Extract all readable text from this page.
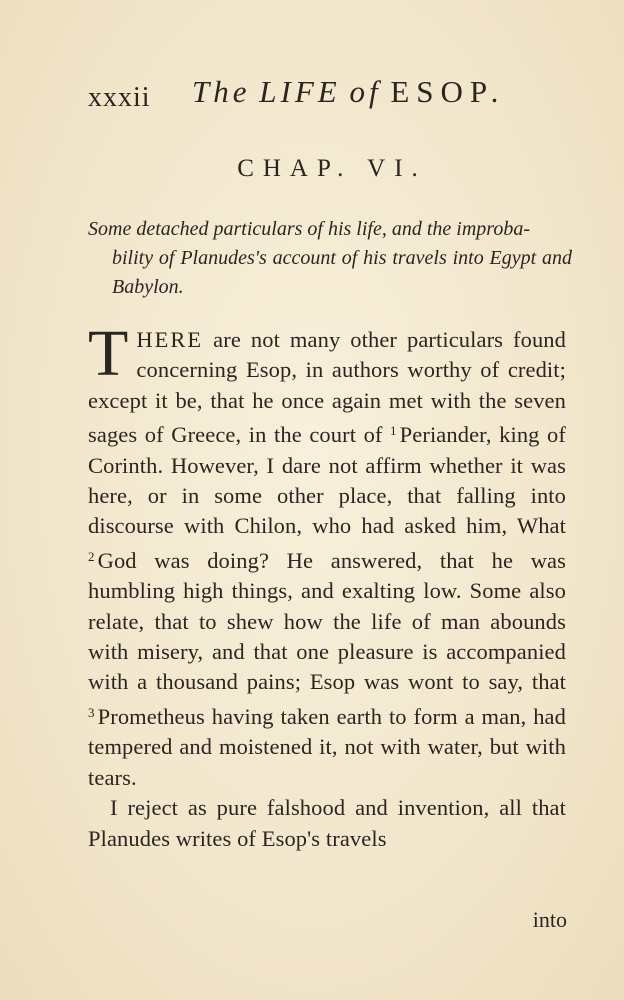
xxxii The LIFE of ESOP.
CHAP. VI.
Some detached particulars of his life, and the improba-
bility of Planudes's account of his travels into Egypt and Babylon.

THERE are not many other particulars found concerning Esop, in authors worthy of credit; except it be, that he once again met with the seven sages of Greece, in the court of $^1$ Periander, king of Corinth. However, I dare not affirm whether it was here, or in some other place, that falling into discourse with Chilon, who had asked him, What $^2$ God was doing? He answered, that he was humbling high things, and exalting low. Some also relate, that to shew how the life of man abounds with misery, and that one pleasure is accompanied with a thousand pains; Esop was wont to say, that $^3$ Prometheus having taken earth to form a man, had tempered and moistened it, not with water, but with tears.

I reject as pure falshood and invention, all that Planudes writes of Esop's travels

into
